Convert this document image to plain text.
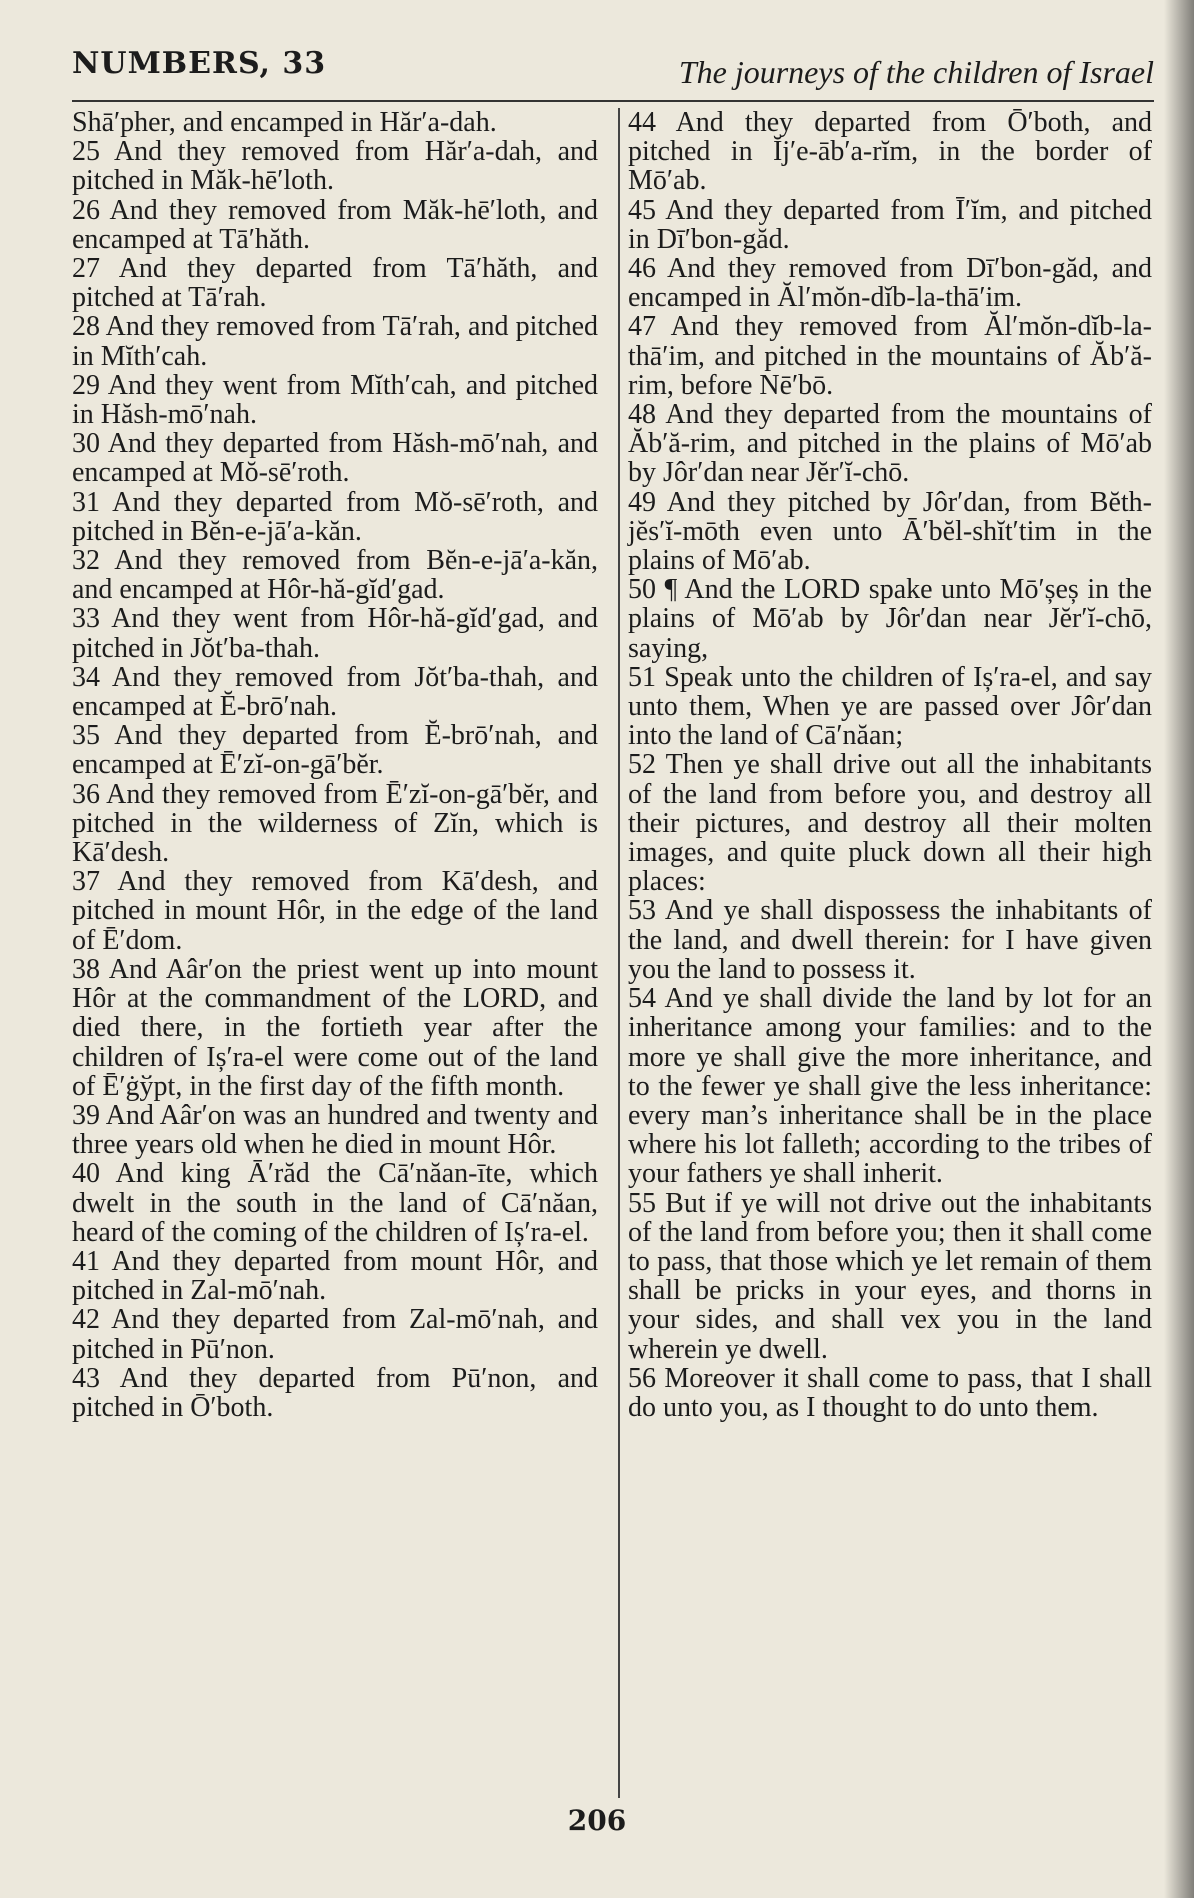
NUMBERS, 33	The journeys of the children of Israel
Shā′pher, and encamped in Hăr′a-dah.
25 And they removed from Hăr′a-dah, and pitched in Măk-hē′loth.
26 And they removed from Măk-hē′loth, and encamped at Tā′hăth.
27 And they departed from Tā′hăth, and pitched at Tā′rah.
28 And they removed from Tā′rah, and pitched in Mĭth′cah.
29 And they went from Mĭth′cah, and pitched in Hăsh-mō′nah.
30 And they departed from Hăsh-mō′nah, and encamped at Mŏ-sē′roth.
31 And they departed from Mŏ-sē′roth, and pitched in Bĕn-e-jā′a-kăn.
32 And they removed from Bĕn-e-jā′a-kăn, and encamped at Hôr-hă-gĭd′gad.
33 And they went from Hôr-hă-gĭd′gad, and pitched in Jŏt′ba-thah.
34 And they removed from Jŏt′ba-thah, and encamped at Ĕ-brō′nah.
35 And they departed from Ĕ-brō′nah, and encamped at Ē′zĭ-on-gā′bĕr.
36 And they removed from Ē′zĭ-on-gā′bĕr, and pitched in the wilderness of Zĭn, which is Kā′desh.
37 And they removed from Kā′desh, and pitched in mount Hôr, in the edge of the land of Ē′dom.
38 And Aâr′on the priest went up into mount Hôr at the commandment of the LORD, and died there, in the fortieth year after the children of Iș′ra-el were come out of the land of Ē′ġўpt, in the first day of the fifth month.
39 And Aâr′on was an hundred and twenty and three years old when he died in mount Hôr.
40 And king Ā′răd the Cā′năan-īte, which dwelt in the south in the land of Cā′năan, heard of the coming of the children of Iș′ra-el.
41 And they departed from mount Hôr, and pitched in Zal-mō′nah.
42 And they departed from Zal-mō′nah, and pitched in Pū′non.
43 And they departed from Pū′non, and pitched in Ō′both.
44 And they departed from Ō′both, and pitched in Ĭj′e-āb′a-rĭm, in the border of Mō′ab.
45 And they departed from Ī′ĭm, and pitched in Dī′bon-găd.
46 And they removed from Dī′bon-găd, and encamped in Ăl′mŏn-dĭb-la-thā′im.
47 And they removed from Ăl′mŏn-dĭb-la-thā′im, and pitched in the mountains of Ăb′ă-rim, before Nē′bō.
48 And they departed from the mountains of Ăb′ă-rim, and pitched in the plains of Mō′ab by Jôr′dan near Jĕr′ĭ-chō.
49 And they pitched by Jôr′dan, from Bĕth-jĕs′ĭ-mōth even unto Ā′bĕl-shĭt′tim in the plains of Mō′ab.
50 ¶ And the LORD spake unto Mō′șeș in the plains of Mō′ab by Jôr′dan near Jĕr′ĭ-chō, saying,
51 Speak unto the children of Iș′ra-el, and say unto them, When ye are passed over Jôr′dan into the land of Cā′năan;
52 Then ye shall drive out all the inhabitants of the land from before you, and destroy all their pictures, and destroy all their molten images, and quite pluck down all their high places:
53 And ye shall dispossess the inhabitants of the land, and dwell therein: for I have given you the land to possess it.
54 And ye shall divide the land by lot for an inheritance among your families: and to the more ye shall give the more inheritance, and to the fewer ye shall give the less inheritance: every man’s inheritance shall be in the place where his lot falleth; according to the tribes of your fathers ye shall inherit.
55 But if ye will not drive out the inhabitants of the land from before you; then it shall come to pass, that those which ye let remain of them shall be pricks in your eyes, and thorns in your sides, and shall vex you in the land wherein ye dwell.
56 Moreover it shall come to pass, that I shall do unto you, as I thought to do unto them.
206
